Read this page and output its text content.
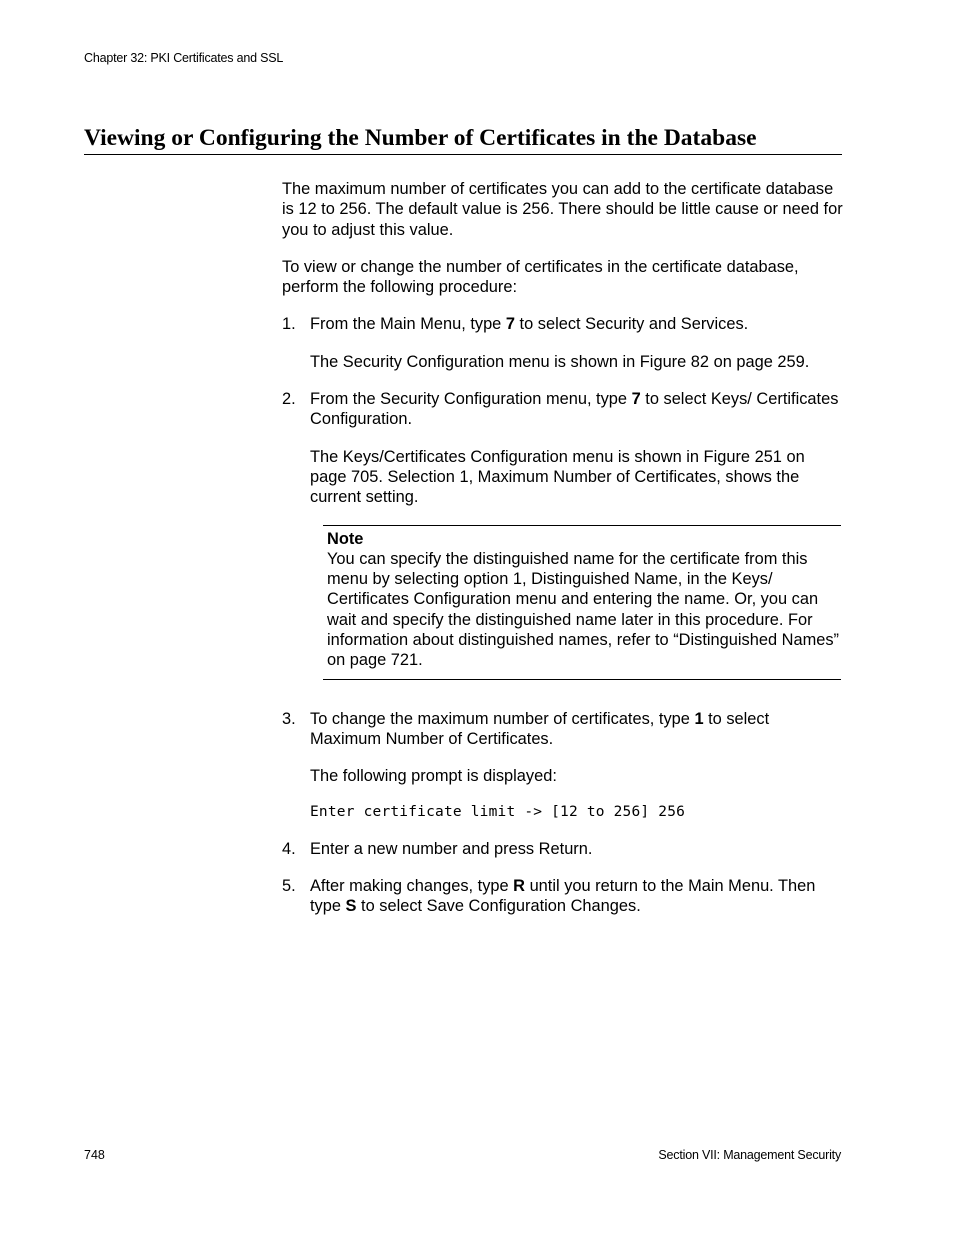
Chapter 32: PKI Certificates and SSL
Viewing or Configuring the Number of Certificates in the Database

The maximum number of certificates you can add to the certificate database is 12 to 256. The default value is 256. There should be little cause or need for you to adjust this value.

To view or change the number of certificates in the certificate database, perform the following procedure:

1. From the Main Menu, type 7 to select Security and Services.

The Security Configuration menu is shown in Figure 82 on page 259.

2. From the Security Configuration menu, type 7 to select Keys/ Certificates Configuration.

The Keys/Certificates Configuration menu is shown in Figure 251 on page 705. Selection 1, Maximum Number of Certificates, shows the current setting.

Note
You can specify the distinguished name for the certificate from this menu by selecting option 1, Distinguished Name, in the Keys/ Certificates Configuration menu and entering the name. Or, you can wait and specify the distinguished name later in this procedure. For information about distinguished names, refer to “Distinguished Names” on page 721.
3. To change the maximum number of certificates, type 1 to select Maximum Number of Certificates.

The following prompt is displayed:

Enter certificate limit -> [12 to 256] 256

4. Enter a new number and press Return.

5. After making changes, type R until you return to the Main Menu. Then type S to select Save Configuration Changes.

748	Section VII: Management Security
